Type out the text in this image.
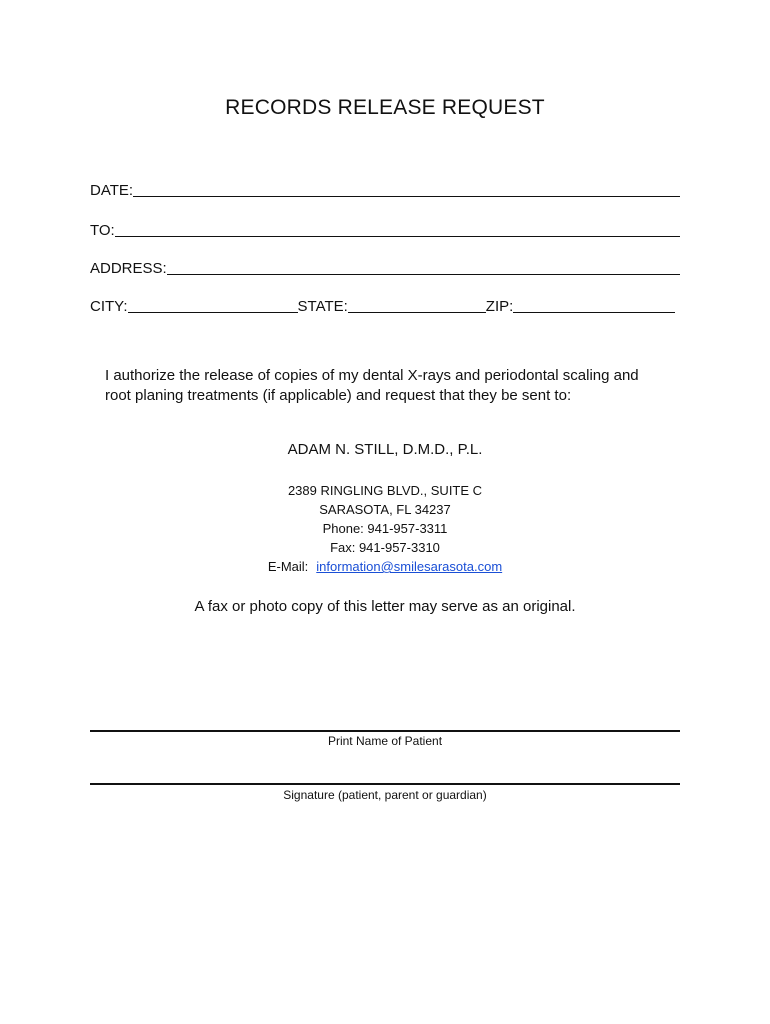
RECORDS RELEASE REQUEST
DATE:
TO:
ADDRESS:
CITY:	STATE:	ZIP:
I authorize the release of copies of my dental X-rays and periodontal scaling and
root planing treatments (if applicable) and request that they be sent to:
ADAM N. STILL, D.M.D., P.L.
2389 RINGLING BLVD., SUITE C
SARASOTA, FL 34237
Phone: 941-957-3311
Fax: 941-957-3310
E-Mail: information@smilesarasota.com
A fax or photo copy of this letter may serve as an original.
Print Name of Patient
Signature (patient, parent or guardian)
